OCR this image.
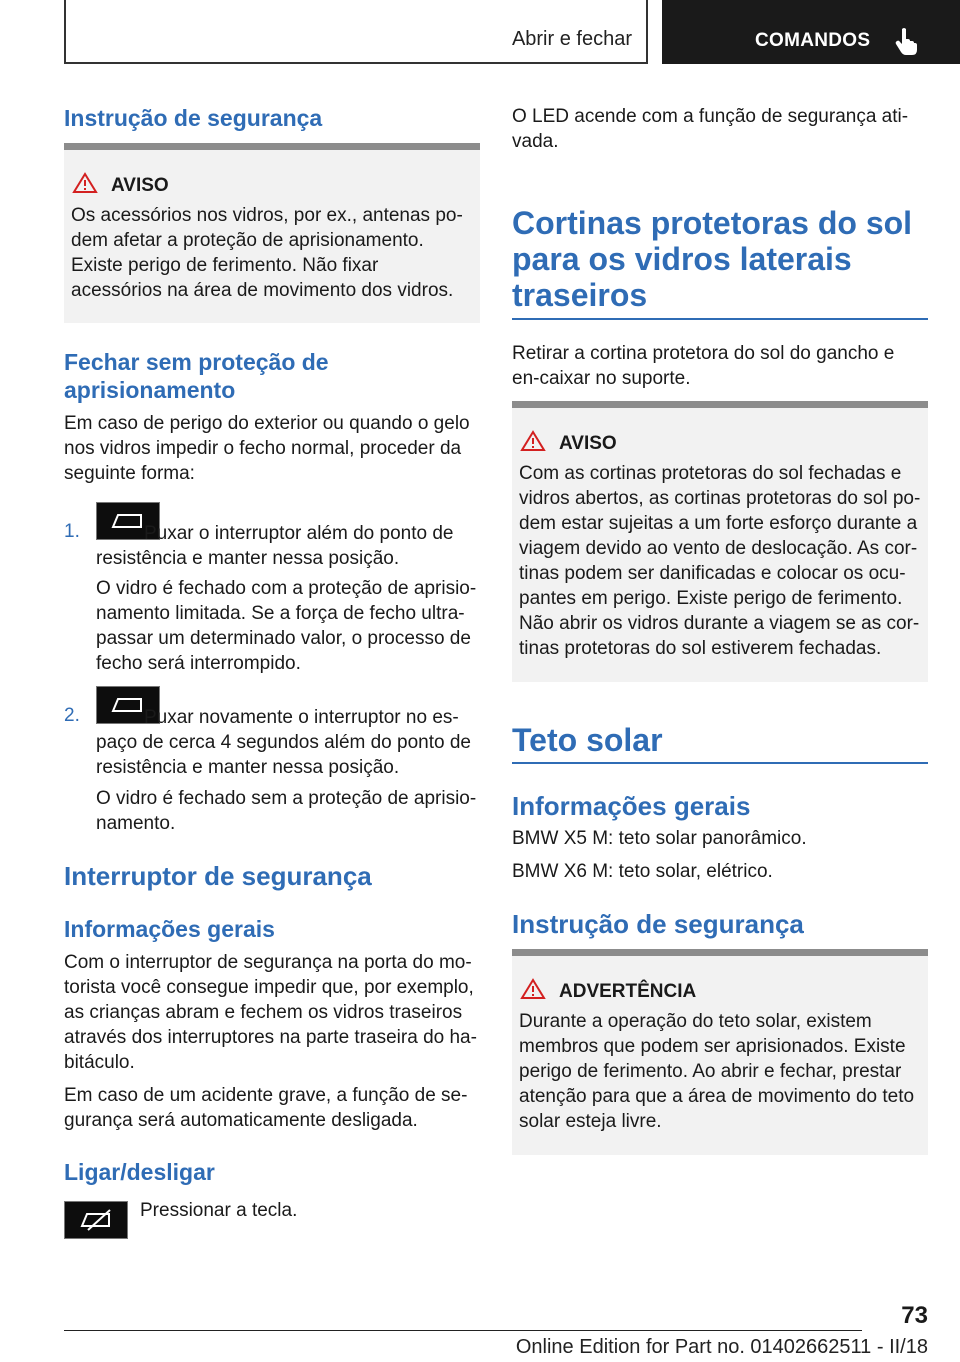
Abrir e fechar	COMANDOS
Instrução de segurança
AVISO
Os acessórios nos vidros, por ex., antenas po‐dem afetar a proteção de aprisionamento. Existe perigo de ferimento. Não fixar acessórios na área de movimento dos vidros.
Fechar sem proteção de aprisionamento

Em caso de perigo do exterior ou quando o gelo nos vidros impedir o fecho normal, proceder da seguinte forma:

1.	Puxar o interruptor além do ponto de resistência e manter nessa posição.

O vidro é fechado com a proteção de aprisio‐namento limitada. Se a força de fecho ultra‐passar um determinado valor, o processo de fecho será interrompido.

2.	Puxar novamente o interruptor no es‐paço de cerca 4 segundos além do ponto de resistência e manter nessa posição.

O vidro é fechado sem a proteção de aprisio‐namento.

Interruptor de segurança
Informações gerais

Com o interruptor de segurança na porta do mo‐torista você consegue impedir que, por exemplo, as crianças abram e fechem os vidros traseiros através dos interruptores na parte traseira do ha‐bitáculo.

Em caso de um acidente grave, a função de se‐gurança será automaticamente desligada.

Ligar/desligar

Pressionar a tecla.

O LED acende com a função de segurança ati‐vada.

Cortinas protetoras do sol para os vidros laterais traseiros

Retirar a cortina protetora do sol do gancho e en‐caixar no suporte.

AVISO
Com as cortinas protetoras do sol fechadas e vidros abertos, as cortinas protetoras do sol po‐dem estar sujeitas a um forte esforço durante a viagem devido ao vento de deslocação. As cor‐tinas podem ser danificadas e colocar os ocu‐pantes em perigo. Existe perigo de ferimento. Não abrir os vidros durante a viagem se as cor‐tinas protetoras do sol estiverem fechadas.
Teto solar
Informações gerais

BMW X5 M: teto solar panorâmico.

BMW X6 M: teto solar, elétrico.

Instrução de segurança
ADVERTÊNCIA
Durante a operação do teto solar, existem membros que podem ser aprisionados. Existe perigo de ferimento. Ao abrir e fechar, prestar atenção para que a área de movimento do teto solar esteja livre.
73
Online Edition for Part no. 01402662511 - II/18
